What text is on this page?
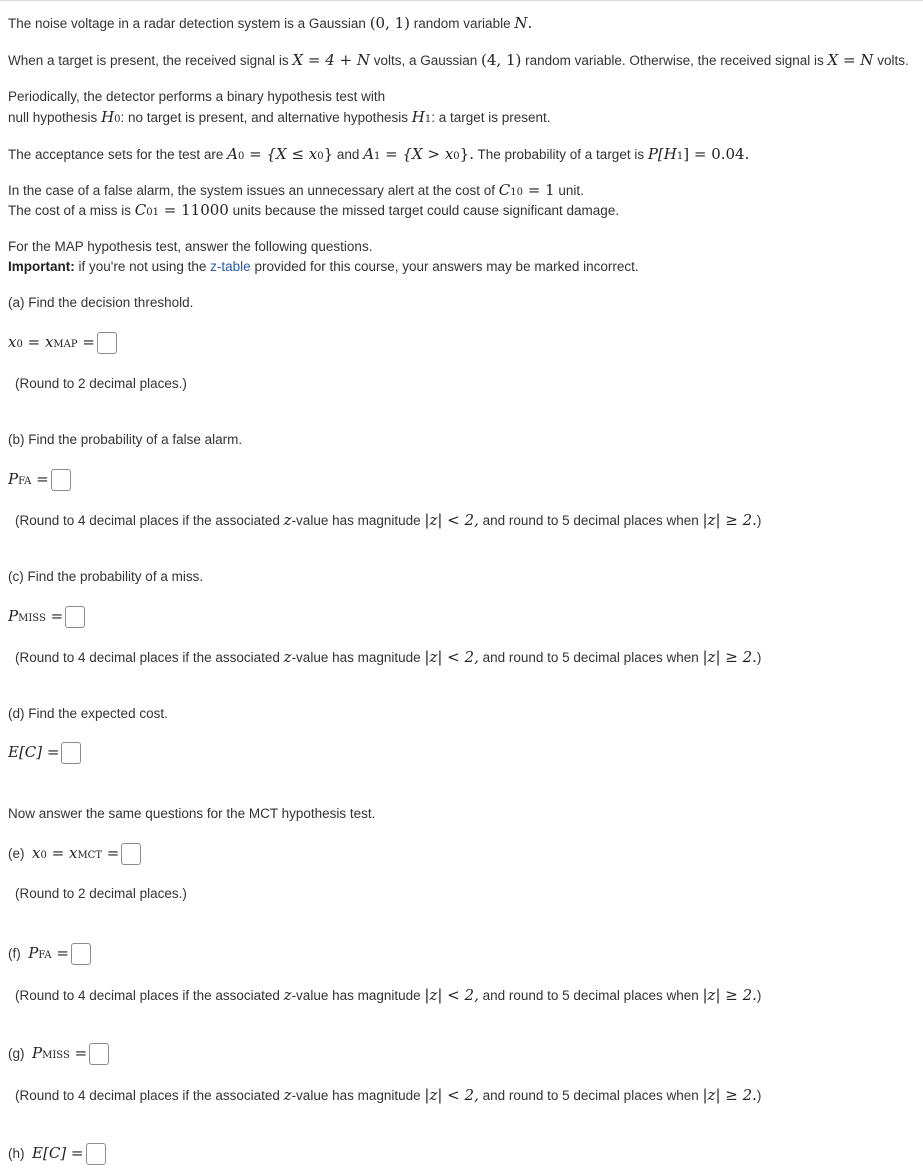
The noise voltage in a radar detection system is a Gaussian (0, 1) random variable N.
When a target is present, the received signal is X = 4 + N volts, a Gaussian (4, 1) random variable. Otherwise, the received signal is X = N volts.
Periodically, the detector performs a binary hypothesis test with
null hypothesis H0: no target is present, and alternative hypothesis H1: a target is present.
The acceptance sets for the test are A0 = {X ≤ x0} and A1 = {X > x0}. The probability of a target is P[H1] = 0.04.
In the case of a false alarm, the system issues an unnecessary alert at the cost of C10 = 1 unit.
The cost of a miss is C01 = 11000 units because the missed target could cause significant damage.
For the MAP hypothesis test, answer the following questions.
Important: if you're not using the z-table provided for this course, your answers may be marked incorrect.
(a) Find the decision threshold.
x0 = xMAP =
(Round to 2 decimal places.)
(b) Find the probability of a false alarm.
PFA =
(Round to 4 decimal places if the associated z-value has magnitude |z| < 2, and round to 5 decimal places when |z| ≥ 2.)
(c) Find the probability of a miss.
PMISS =
(Round to 4 decimal places if the associated z-value has magnitude |z| < 2, and round to 5 decimal places when |z| ≥ 2.)
(d) Find the expected cost.
E[C] =
Now answer the same questions for the MCT hypothesis test.
(e) x0 = xMCT =
(Round to 2 decimal places.)
(f) PFA =
(Round to 4 decimal places if the associated z-value has magnitude |z| < 2, and round to 5 decimal places when |z| ≥ 2.)
(g) PMISS =
(Round to 4 decimal places if the associated z-value has magnitude |z| < 2, and round to 5 decimal places when |z| ≥ 2.)
(h) E[C] =
